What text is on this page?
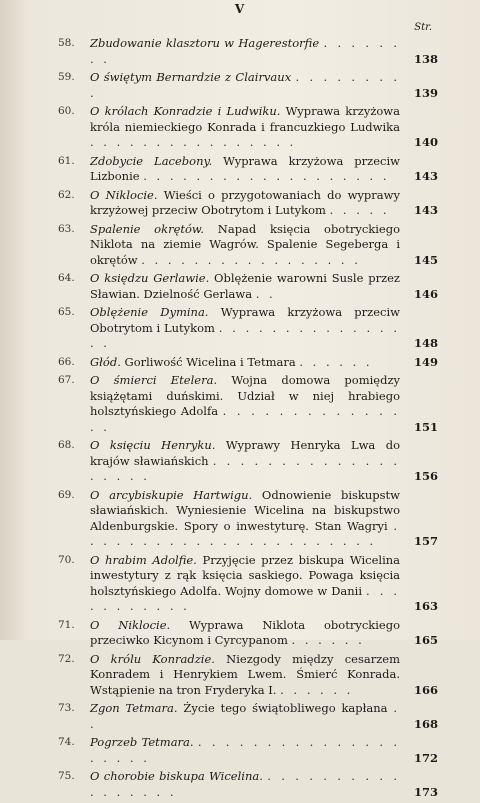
V
Str.
58. Zbudowanie klasztoru w Hagerestorfie . . . . . . . .	138
59. O świętym Bernardzie z Clairvaux . . . . . . . . .	139
60. O królach Konradzie i Ludwiku. Wyprawa krzyżowa króla niemieckiego Konrada i francuzkiego Ludwika . . . . . . . . . . . . . . . .	140
61. Zdobycie Lacebony. Wyprawa krzyżowa przeciw Lizbonie . . . . . . . . . . . . . . . . . . .	143
62. O Niklocie. Wieści o przygotowaniach do wyprawy krzyżowej przeciw Obotrytom i Lutykom . . . . .	143
63. Spalenie okrętów. Napad księcia obotryckiego Niklota na ziemie Wagrów. Spalenie Segeberga i okrętów . . . . . . . . . . . . . . . . .	145
64. O księdzu Gerlawie. Oblężenie warowni Susle przez Sławian. Dzielność Gerlawa . .	146
65. Oblężenie Dymina. Wyprawa krzyżowa przeciw Obotrytom i Lutykom . . . . . . . . . . . . . . . .	148
66. Głód. Gorliwość Wicelina i Tetmara . . . . . .	149
67. O śmierci Etelera. Wojna domowa pomiędzy książętami duńskimi. Udział w niej hrabiego holsztyńskiego Adolfa . . . . . . . . . . . . . . .	151
68. O księciu Henryku. Wyprawy Henryka Lwa do krajów sławiańskich . . . . . . . . . . . . . . . . . . .	156
69. O arcybiskupie Hartwigu. Odnowienie biskupstw sławiańskich. Wyniesienie Wicelina na biskupstwo Aldenburgskie. Spory o inwestyturę. Stan Wagryi . . . . . . . . . . . . . . . . . . . . . . .	157
70. O hrabim Adolfie. Przyjęcie przez biskupa Wicelina inwestytury z rąk księcia saskiego. Powaga księcia holsztyńskiego Adolfa. Wojny domowe w Danii . . . . . . . . . . .	163
71. O Niklocie. Wyprawa Niklota obotryckiego przeciwko Kicynom i Cyrcypanom . . . . . .	165
72. O królu Konradzie. Niezgody między cesarzem Konradem i Henrykiem Lwem. Śmierć Konrada. Wstąpienie na tron Fryderyka I. . . . . . .	166
73. Zgon Tetmara. Życie tego świątobliwego kapłana . .	168
74. Pogrzeb Tetmara. . . . . . . . . . . . . . . . . . . . .	172
75. O chorobie biskupa Wicelina. . . . . . . . . . . . . . . . . .	173
